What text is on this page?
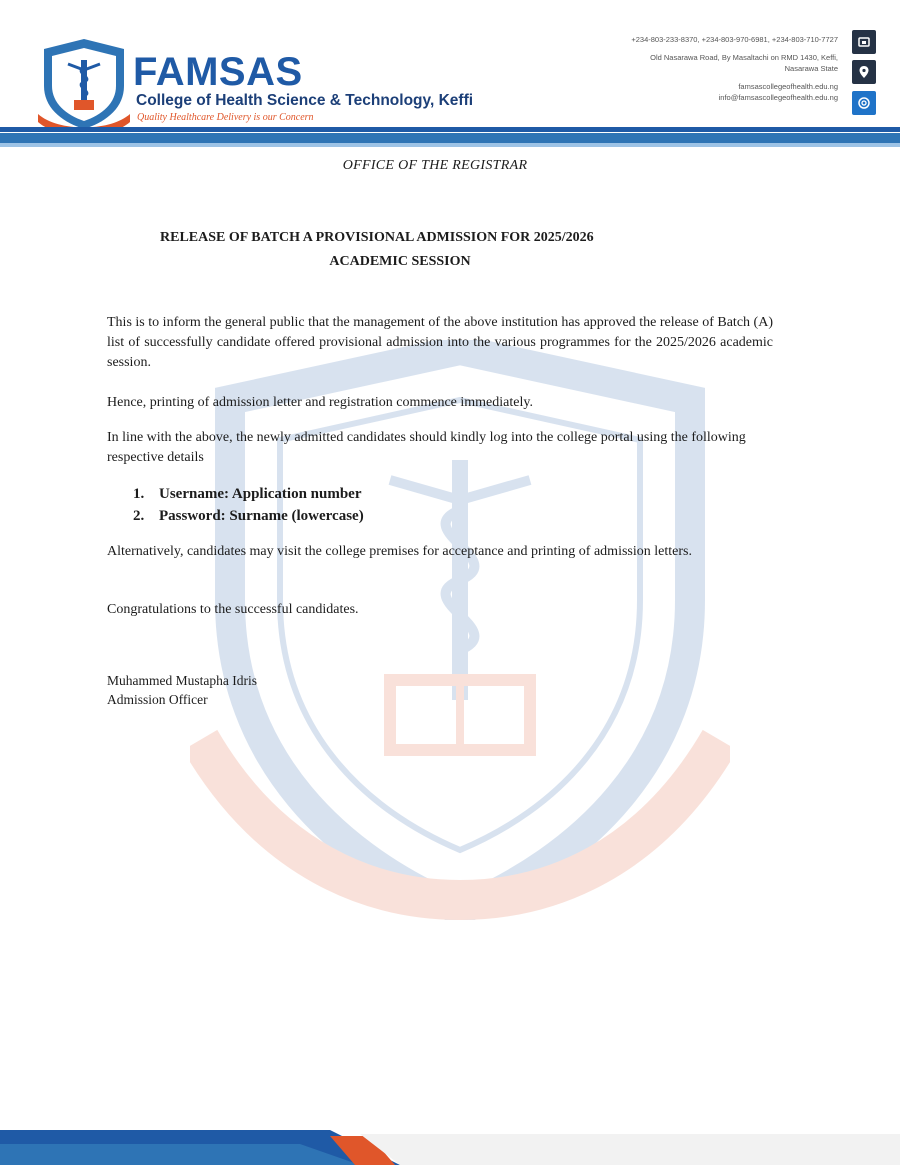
FAMSAS
College of Health Science & Technology, Keffi
Quality Healthcare Delivery is our Concern
+234-803-233-8370, +234-803-970-6981, +234-803-710-7727
Old Nasarawa Road, By Masaltachi on RMD 1430, Keffi,
Nasarawa State
famsascollegeofhealth.edu.ng
info@famsascollegeofhealth.edu.ng
OFFICE OF THE REGISTRAR
RELEASE OF BATCH A PROVISIONAL ADMISSION FOR 2025/2026
ACADEMIC SESSION

This is to inform the general public that the management of the above institution has approved the release of Batch (A) list of successfully candidate offered provisional admission into the various programmes for the 2025/2026 academic session.

Hence, printing of admission letter and registration commence immediately.

In line with the above, the newly admitted candidates should kindly log into the college portal using the following respective details

1. Username: Application number
2. Password: Surname (lowercase)

Alternatively, candidates may visit the college premises for acceptance and printing of admission letters.

Congratulations to the successful candidates.

Muhammed Mustapha Idris
Admission Officer
